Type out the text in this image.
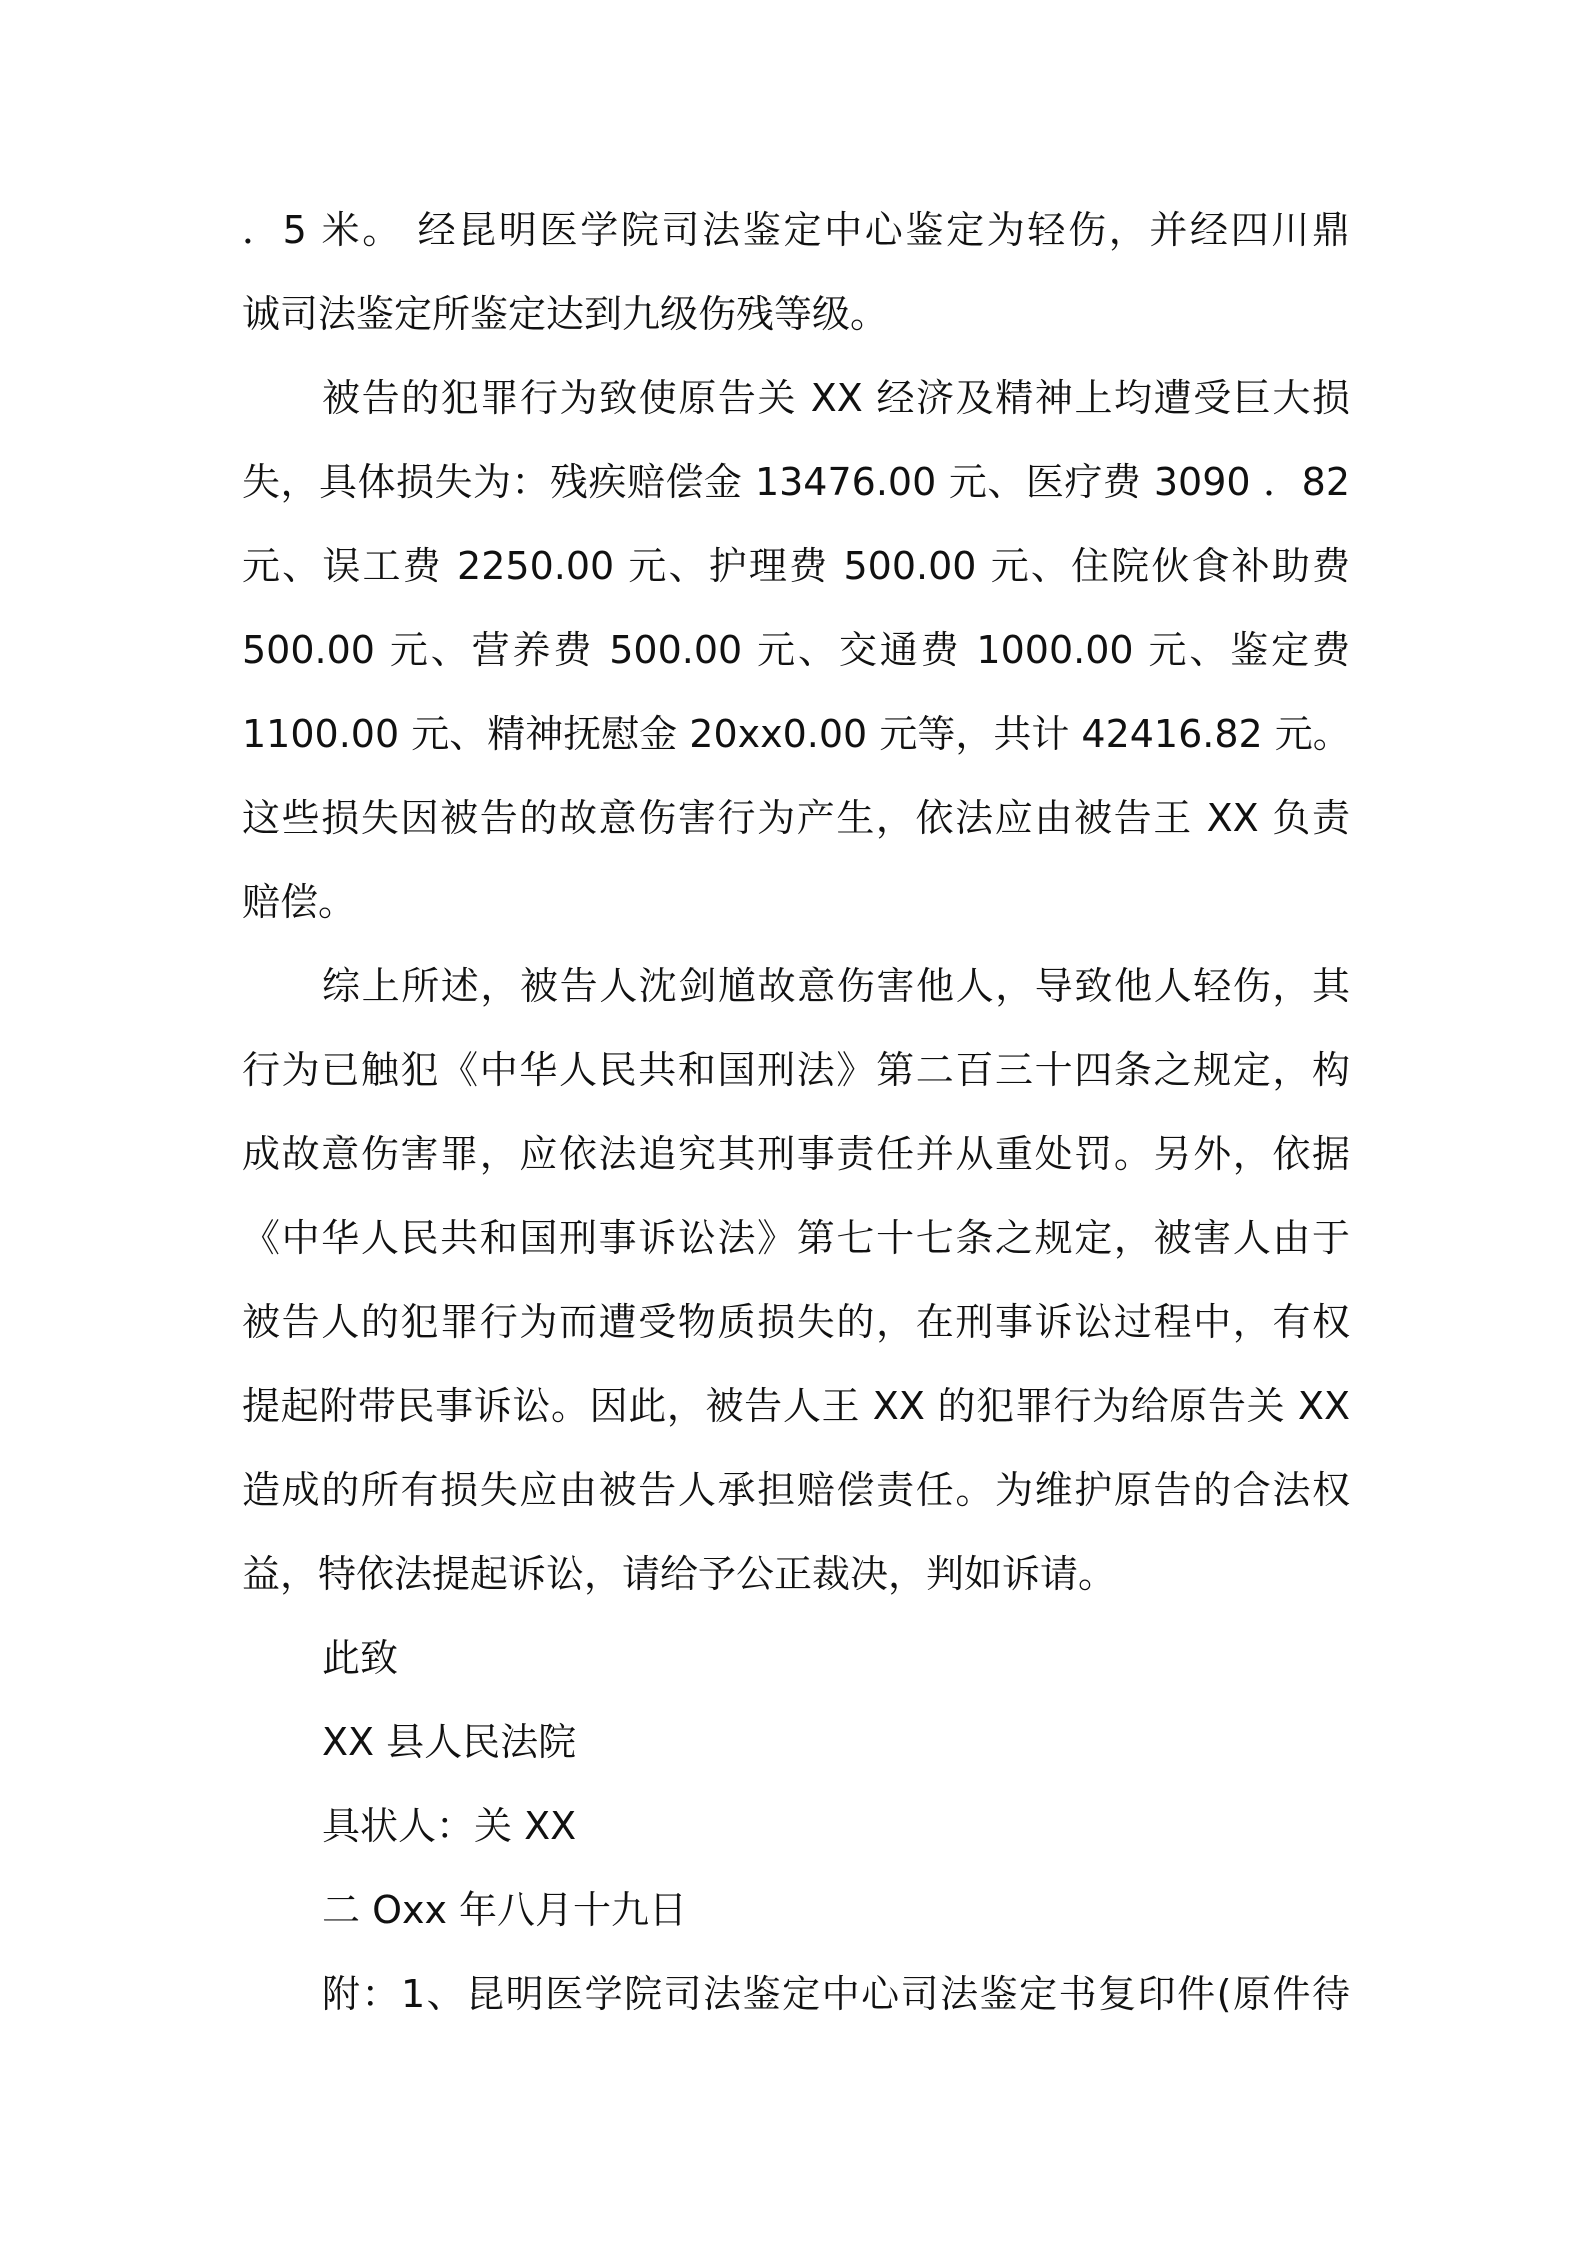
．5 米。 经昆明医学院司法鉴定中心鉴定为轻伤，并经四川鼎
诚司法鉴定所鉴定达到九级伤残等级。
被告的犯罪行为致使原告关 XX 经济及精神上均遭受巨大损
失，具体损失为：残疾赔偿金 13476.00 元、医疗费 3090 ．82
元、误工费 2250.00 元、护理费 500.00 元、住院伙食补助费
500.00 元、营养费 500.00 元、交通费 1000.00 元、鉴定费
1100.00 元、精神抚慰金 20xx0.00 元等，共计 42416.82 元。
这些损失因被告的故意伤害行为产生，依法应由被告王 XX 负责
赔偿。
综上所述，被告人沈剑馗故意伤害他人，导致他人轻伤，其
行为已触犯《中华人民共和国刑法》第二百三十四条之规定，构
成故意伤害罪，应依法追究其刑事责任并从重处罚。另外，依据
《中华人民共和国刑事诉讼法》第七十七条之规定，被害人由于
被告人的犯罪行为而遭受物质损失的，在刑事诉讼过程中，有权
提起附带民事诉讼。因此，被告人王 XX 的犯罪行为给原告关 XX
造成的所有损失应由被告人承担赔偿责任。为维护原告的合法权
益，特依法提起诉讼，请给予公正裁决，判如诉请。
此致
XX 县人民法院
具状人：关 XX
二 Oxx 年八月十九日
附：1、昆明医学院司法鉴定中心司法鉴定书复印件(原件待
